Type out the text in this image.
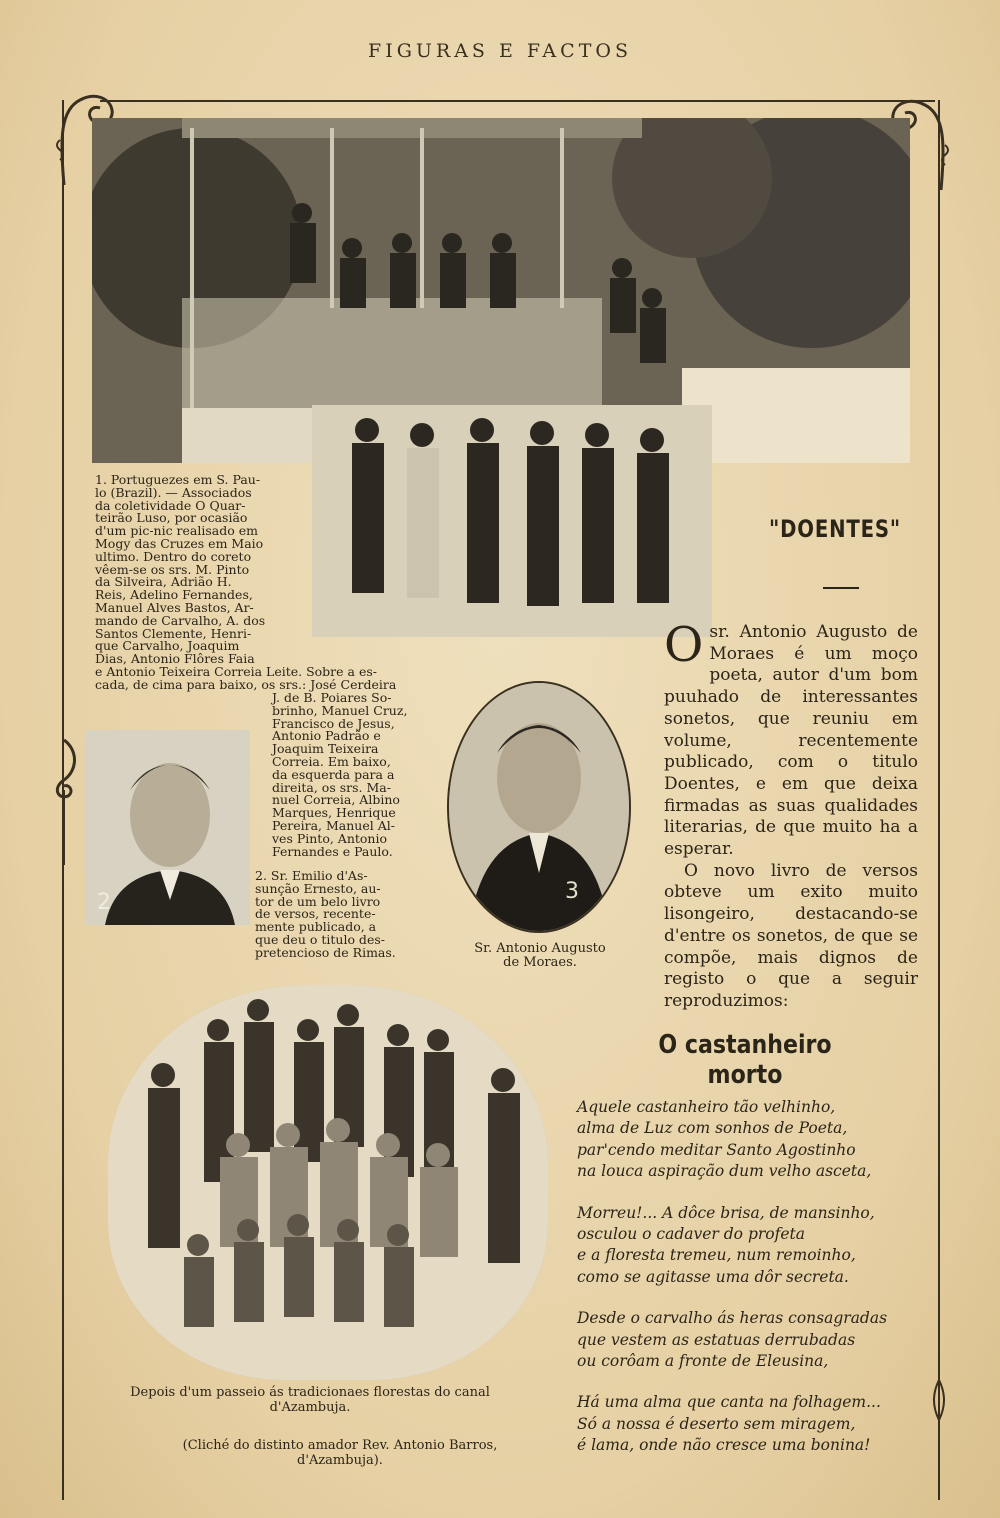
FIGURAS E FACTOS
1. Portuguezes em S. Pau-
lo (Brazil). — Associados
da coletividade O Quar-
teirão Luso, por ocasião
d'um pic-nic realisado em
Mogy das Cruzes em Maio
ultimo. Dentro do coreto
vêem-se os srs. M. Pinto
da Silveira, Adrião H.
Reis, Adelino Fernandes,
Manuel Alves Bastos, Ar-
mando de Carvalho, A. dos
Santos Clemente, Henri-
que Carvalho, Joaquim
Dias, Antonio Flôres Faia
e Antonio Teixeira Correia Leite. Sobre a es-
cada, de cima para baixo, os srs.: José Cerdeira
J. de B. Poiares So-
brinho, Manuel Cruz,
Francisco de Jesus,
Antonio Padrão e
Joaquim Teixeira
Correia. Em baixo,
da esquerda para a
direita, os srs. Ma-
nuel Correia, Albino
Marques, Henrique
Pereira, Manuel Al-
ves Pinto, Antonio
Fernandes e Paulo.
2
2. Sr. Emilio d'As-
sunção Ernesto, au-
tor de um belo livro
de versos, recente-
mente publicado, a
que deu o titulo des-
pretencioso de Rimas.
3
Sr. Antonio Augusto
de Moraes.
"DOENTES"
Osr. Antonio Augusto de Moraes é um moço poeta, autor d'um bom puuhado de interessantes sonetos, que reuniu em volume, recentemente publicado, com o titulo Doentes, e em que deixa firmadas as suas qualidades literarias, de que muito ha a esperar.
O novo livro de versos obteve um exito muito lisongeiro, destacando-se d'entre os sonetos, de que se compõe, mais dignos de registo o que a seguir reproduzimos:
Depois d'um passeio ás tradicionaes florestas do canal
d'Azambuja.
(Cliché do distinto amador Rev. Antonio Barros,
d'Azambuja).
O castanheiro morto
Aquele castanheiro tão velhinho,
alma de Luz com sonhos de Poeta,
par'cendo meditar Santo Agostinho
na louca aspiração dum velho asceta,
Morreu!... A dôce brisa, de mansinho,
osculou o cadaver do profeta
e a floresta tremeu, num remoinho,
como se agitasse uma dôr secreta.
Desde o carvalho ás heras consagradas
que vestem as estatuas derrubadas
ou corôam a fronte de Eleusina,
Há uma alma que canta na folhagem...
Só a nossa é deserto sem miragem,
é lama, onde não cresce uma bonina!
